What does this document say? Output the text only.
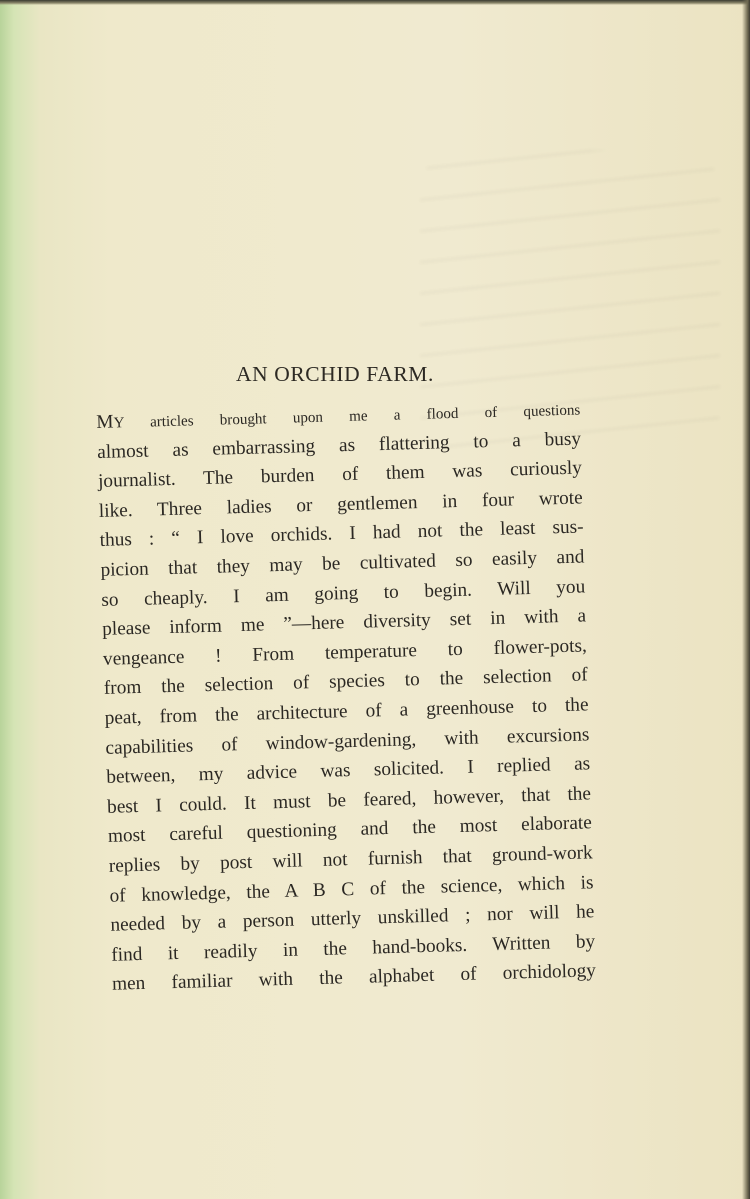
AN ORCHID FARM.
MY articles brought upon me a flood of questions
almost as embarrassing as flattering to a busy
journalist. The burden of them was curiously
like. Three ladies or gentlemen in four wrote
thus : “ I love orchids. I had not the least sus-
picion that they may be cultivated so easily and
so cheaply. I am going to begin. Will you
please inform me ”—here diversity set in with a
vengeance ! From temperature to flower-pots,
from the selection of species to the selection of
peat, from the architecture of a greenhouse to the
capabilities of window-gardening, with excursions
between, my advice was solicited. I replied as
best I could. It must be feared, however, that the
most careful questioning and the most elaborate
replies by post will not furnish that ground-work
of knowledge, the A B C of the science, which is
needed by a person utterly unskilled ; nor will he
find it readily in the hand-books. Written by
men familiar with the alphabet of orchidology
